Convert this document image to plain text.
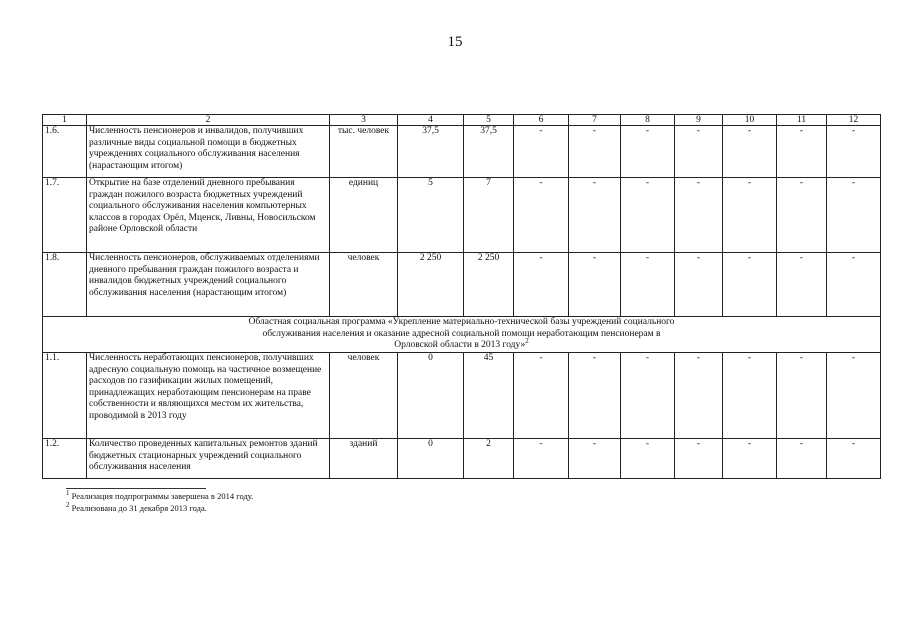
15
1	2	3	4	5	6	7	8	9	10	11	12
1.6.	Численность пенсионеров и инвалидов, получивших различные виды социальной помощи в бюджетных учреждениях социального обслуживания населения (нарастающим итогом)	тыс. человек	37,5	37,5	-	-	-	-	-	-	-
1.7.	Открытие на базе отделений дневного пребывания граждан пожилого возраста бюджетных учреждений социального обслуживания населения компьютерных классов в городах Орёл, Мценск, Ливны, Новосильском районе Орловской области	единиц	5	7	-	-	-	-	-	-	-
1.8.	Численность пенсионеров, обслуживаемых отделениями дневного пребывания граждан пожилого возраста и инвалидов бюджетных учреждений социального обслуживания населения (нарастающим итогом)	человек	2 250	2 250	-	-	-	-	-	-	-
Областная социальная программа «Укрепление материально-технической базы учреждений социального обслуживания населения и оказание адресной социальной помощи неработающим пенсионерам в Орловской области в 2013 году»$^2$
1.1.	Численность неработающих пенсионеров, получивших адресную социальную помощь на частичное возмещение расходов по газификации жилых помещений, принадлежащих неработающим пенсионерам на праве собственности и являющихся местом их жительства, проводимой в 2013 году	человек	0	45	-	-	-	-	-	-	-
1.2.	Количество проведенных капитальных ремонтов зданий бюджетных стационарных учреждений социального обслуживания населения	зданий	0	2	-	-	-	-	-	-	-
$^1$ Реализация подпрограммы завершена в 2014 году.
$^2$ Реализована до 31 декабря 2013 года.
